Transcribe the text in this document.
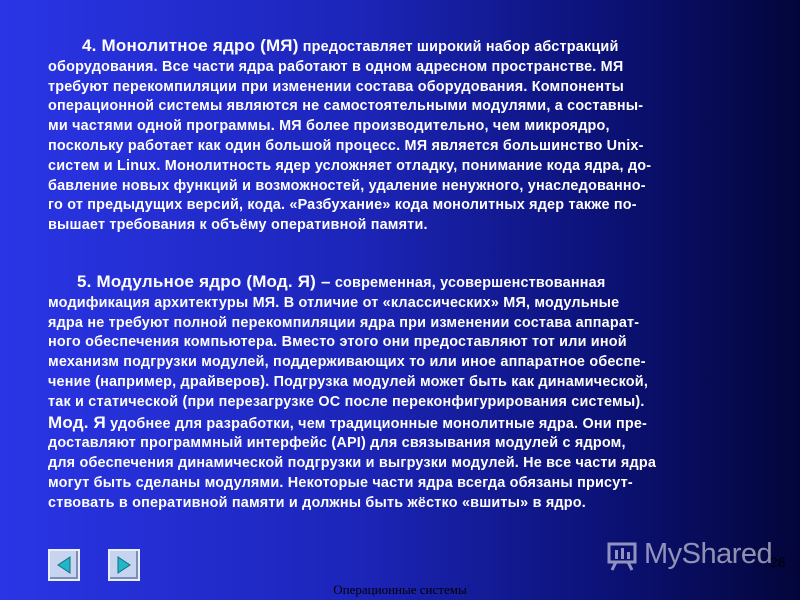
4. Монолитное ядро (МЯ) предоставляет широкий набор абстракций

оборудования. Все части ядра работают в одном адресном пространстве. МЯ

требуют перекомпиляции при изменении состава оборудования. Компоненты

операционной системы являются не самостоятельными модулями, а составны-

ми частями одной программы. МЯ более производительно, чем микроядро,

поскольку работает как один большой процесс. МЯ является большинство Unix-

систем и Linux. Монолитность ядер усложняет отладку, понимание кода ядра, до-

бавление новых функций и возможностей, удаление ненужного, унаследованно-

го от предыдущих версий, кода. «Разбухание» кода монолитных ядер также по-

вышает требования к объёму оперативной памяти.

5. Модульное ядро (Мод. Я) – современная, усовершенствованная

модификация архитектуры МЯ. В отличие от «классических» МЯ, модульные

ядра не требуют полной перекомпиляции ядра при изменении состава аппарат-

ного обеспечения компьютера. Вместо этого они предоставляют тот или иной

механизм подгрузки модулей, поддерживающих то или иное аппаратное обеспе-

чение (например, драйверов). Подгрузка модулей может быть как динамической,

так и статической (при перезагрузке ОС после переконфигурирования системы).

Мод. Я удобнее для разработки, чем традиционные монолитные ядра. Они пре-

доставляют программный интерфейс (API) для связывания модулей с ядром,

для обеспечения динамической подгрузки и выгрузки модулей. Не все части ядра

могут быть сделаны модулями. Некоторые части ядра всегда обязаны присут-

ствовать в оперативной памяти и должны быть жёстко «вшиты» в ядро.

MyShared
28
Операционные системы
